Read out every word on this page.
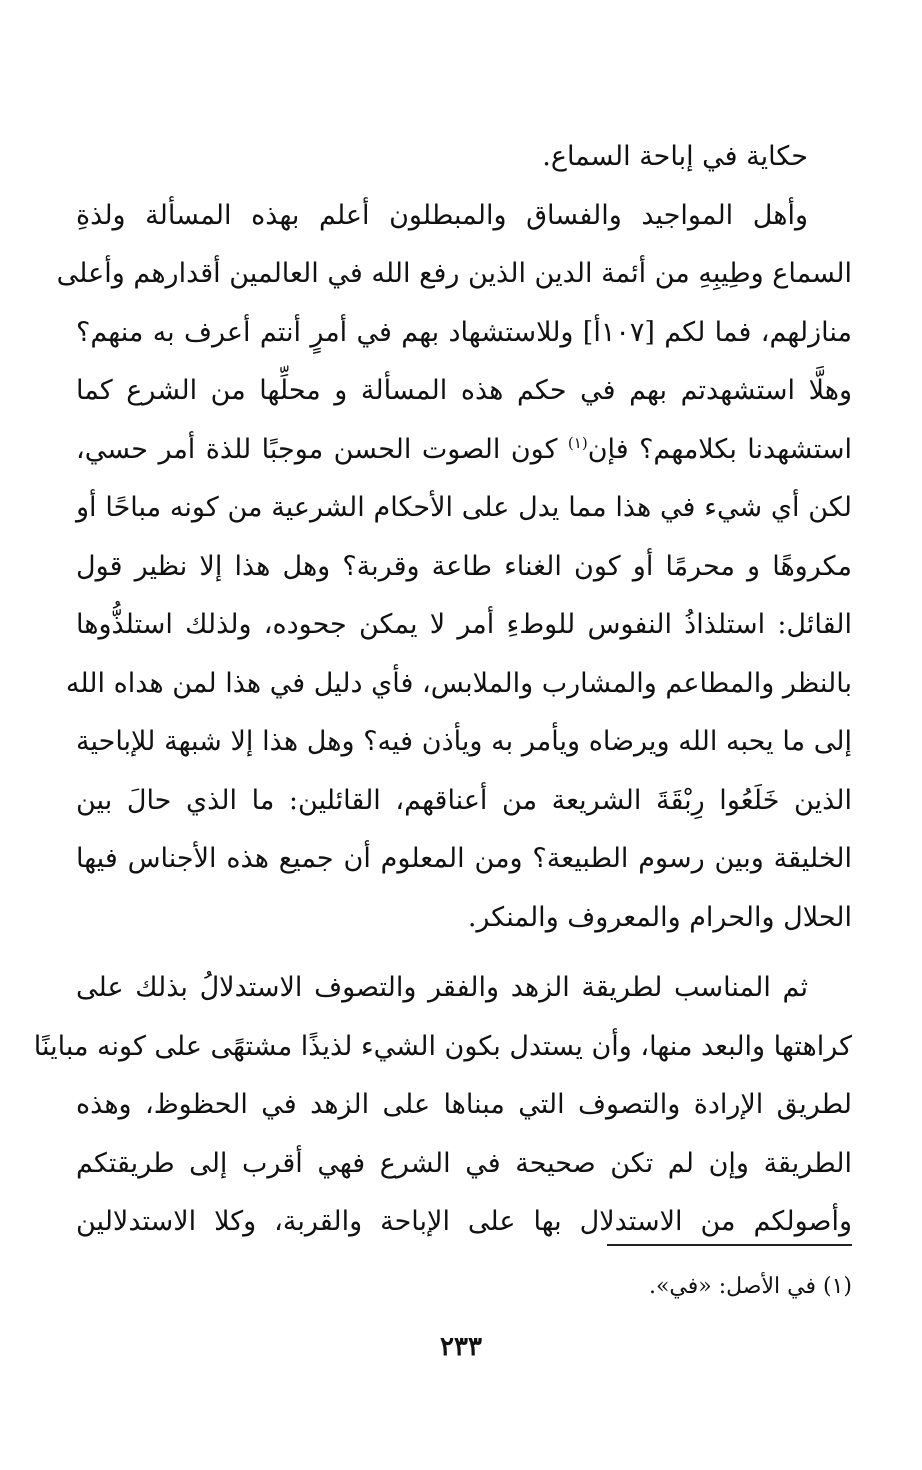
حكاية في إباحة السماع.

وأهل المواجيد والفساق والمبطلون أعلم بهذه المسألة ولذةِ
السماع وطِيبِهِ من أئمة الدين الذين رفع الله في العالمين أقدارهم وأعلى
منازلهم، فما لكم [١٠٧أ] وللاستشهاد بهم في أمرٍ أنتم أعرف به منهم؟
وهلَّا استشهدتم بهم في حكم هذه المسألة و محلِّها من الشرع كما
استشهدنا بكلامهم؟ فإن$^{(١)}$ كون الصوت الحسن موجبًا للذة أمر حسي،
لكن أي شيء في هذا مما يدل على الأحكام الشرعية من كونه مباحًا أو
مكروهًا و محرمًا أو كون الغناء طاعة وقربة؟ وهل هذا إلا نظير قول
القائل: استلذاذُ النفوس للوطءِ أمر لا يمكن جحوده، ولذلك استلذُّوها
بالنظر والمطاعم والمشارب والملابس، فأي دليل في هذا لمن هداه الله
إلى ما يحبه الله ويرضاه ويأمر به ويأذن فيه؟ وهل هذا إلا شبهة للإباحية
الذين خَلَعُوا رِبْقَةَ الشريعة من أعناقهم، القائلين: ما الذي حالَ بين
الخليقة وبين رسوم الطبيعة؟ ومن المعلوم أن جميع هذه الأجناس فيها
الحلال والحرام والمعروف والمنكر.

ثم المناسب لطريقة الزهد والفقر والتصوف الاستدلالُ بذلك على
كراهتها والبعد منها، وأن يستدل بكون الشيء لذيذًا مشتهًى على كونه مباينًا
لطريق الإرادة والتصوف التي مبناها على الزهد في الحظوظ، وهذه
الطريقة وإن لم تكن صحيحة في الشرع فهي أقرب إلى طريقتكم
وأصولكم من الاستدلال بها على الإباحة والقربة، وكلا الاستدلالين

(١) في الأصل: «في».
٢٣٣
